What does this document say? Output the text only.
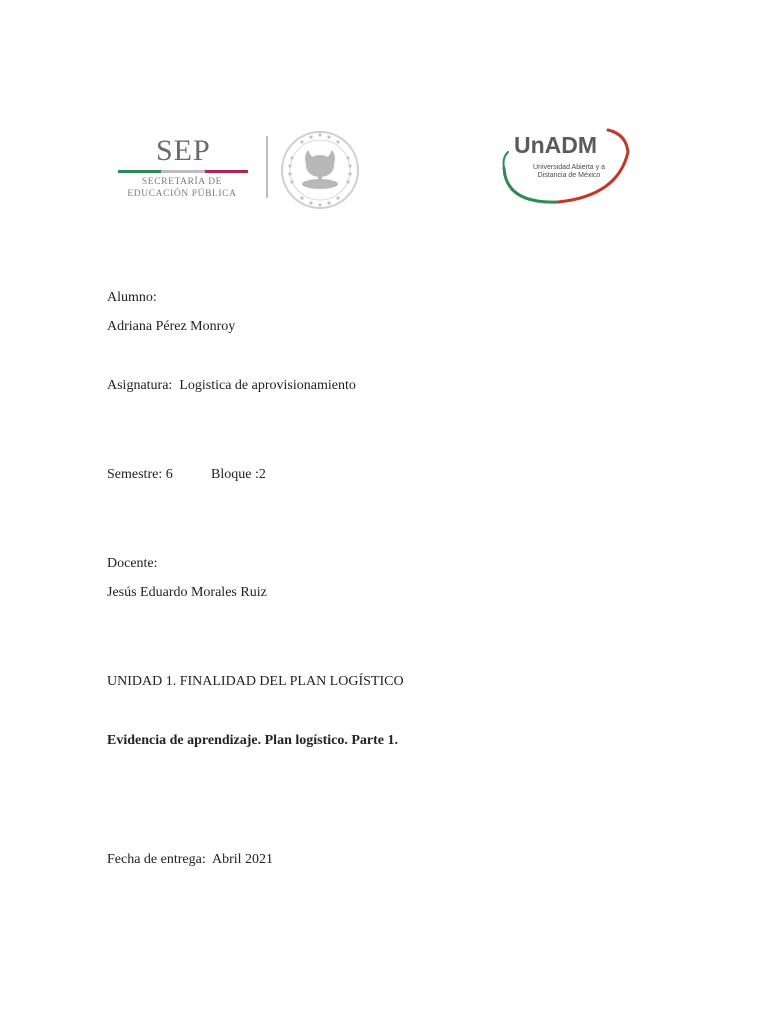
SEP
SECRETARÍA DE
EDUCACIÓN PÚBLICA
UnADM
Universidad Abierta y a
Distancia de México
Alumno:
Adriana Pérez Monroy
Asignatura:  Logistica de aprovisionamiento
Semestre: 6	Bloque :2
Docente:
Jesús Eduardo Morales Ruiz
UNIDAD 1. FINALIDAD DEL PLAN LOGÍSTICO
Evidencia de aprendizaje. Plan logístico. Parte 1.
Fecha de entrega:  Abril 2021
